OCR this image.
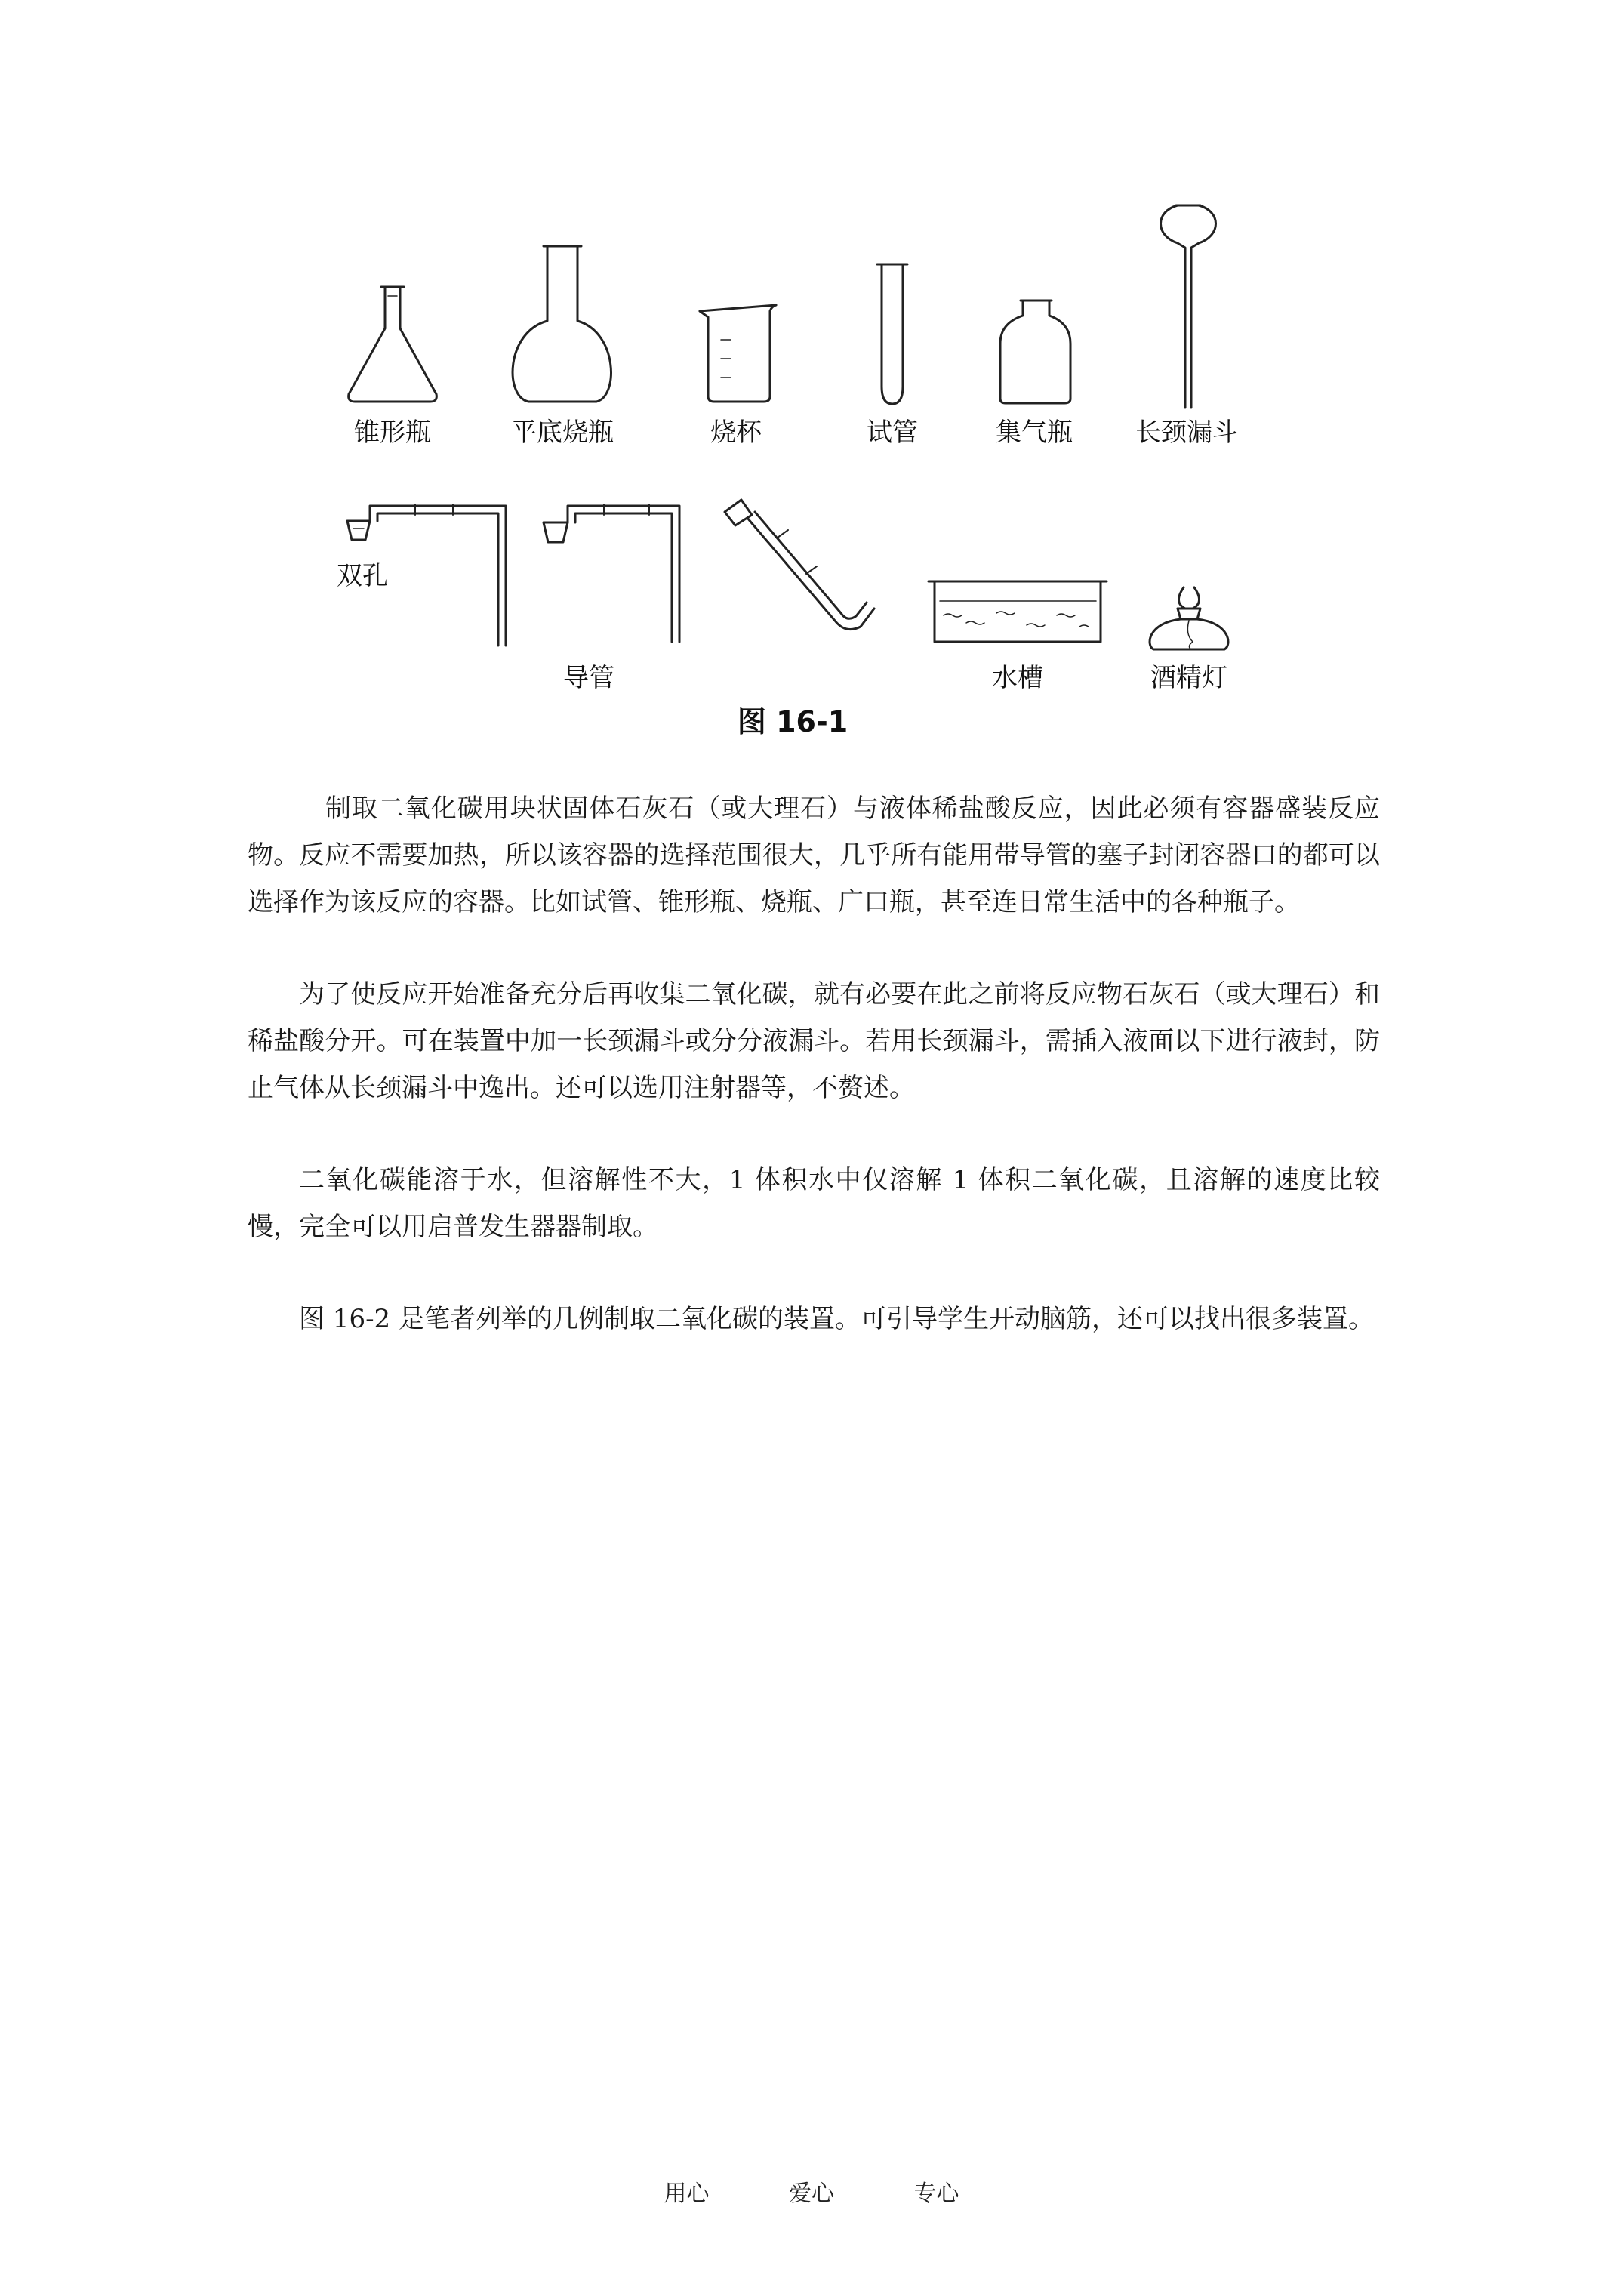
锥形瓶	平底烧瓶	烧杯	试管	集气瓶 长颈漏斗
双孔
导管	水槽	酒精灯
图 16-1

　制取二氧化碳用块状固体石灰石（或大理石）与液体稀盐酸反应，因此必须有容器盛装反应物。反应不需要加热，所以该容器的选择范围很大，几乎所有能用带导管的塞子封闭容器口的都可以选择作为该反应的容器。比如试管、锥形瓶、烧瓶、广口瓶，甚至连日常生活中的各种瓶子。

为了使反应开始准备充分后再收集二氧化碳，就有必要在此之前将反应物石灰石（或大理石）和稀盐酸分开。可在装置中加一长颈漏斗或分分液漏斗。若用长颈漏斗，需插入液面以下进行液封，防止气体从长颈漏斗中逸出。还可以选用注射器等，不赘述。

二氧化碳能溶于水，但溶解性不大，1 体积水中仅溶解 1 体积二氧化碳，且溶解的速度比较慢，完全可以用启普发生器器制取。

图 16-2 是笔者列举的几例制取二氧化碳的装置。可引导学生开动脑筋，还可以找出很多装置。

用心	爱心	专心
